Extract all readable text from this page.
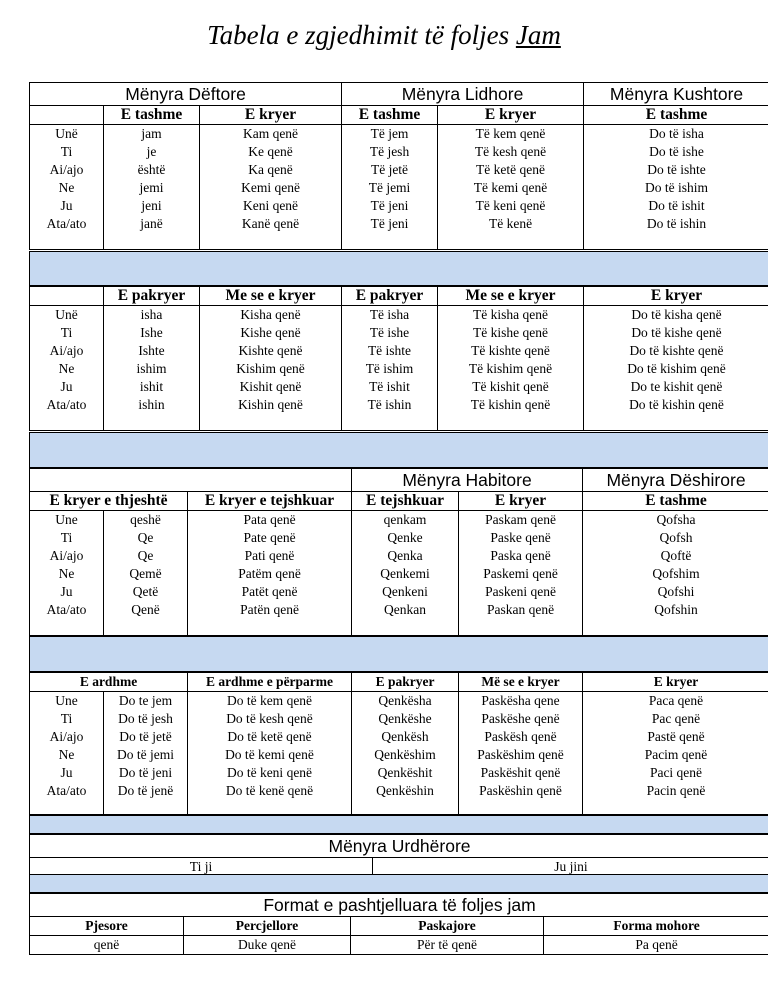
Tabela e zgjedhimit të foljes Jam
Mënyra Dëftore			Mënyra Lidhore		Mënyra Kushtore
	E tashme	E kryer	E tashme	E kryer	E tashme
Unë	jam	Kam qenë	Të jem	Të kem qenë	Do të isha
Ti	je	Ke qenë	Të jesh	Të kesh qenë	Do të ishe
Ai/ajo	është	Ka qenë	Të jetë	Të ketë qenë	Do të ishte
Ne	jemi	Kemi qenë	Të jemi	Të kemi qenë	Do të ishim
Ju	jeni	Keni qenë	Të jeni	Të keni qenë	Do të ishit
Ata/ato	janë	Kanë qenë	Të jeni	Të kenë	Do të ishin

	E pakryer	Me se e kryer	E pakryer	Me se e kryer	E kryer
Unë	isha	Kisha qenë	Të isha	Të kisha qenë	Do të kisha qenë
Ti	Ishe	Kishe qenë	Të ishe	Të kishe qenë	Do të kishe qenë
Ai/ajo	Ishte	Kishte qenë	Të ishte	Të kishte qenë	Do të kishte qenë
Ne	ishim	Kishim qenë	Të ishim	Të kishim qenë	Do të kishim qenë
Ju	ishit	Kishit qenë	Të ishit	Të kishit qenë	Do te kishit qenë
Ata/ato	ishin	Kishin qenë	Të ishin	Të kishin qenë	Do të kishin qenë

			Mënyra Habitore		Mënyra Dëshirore
E kryer e thjeshtë		E kryer e tejshkuar	E tejshkuar	E kryer	E tashme
Une	qeshë	Pata qenë	qenkam	Paskam qenë	Qofsha
Ti	Qe	Pate qenë	Qenke	Paske qenë	Qofsh
Ai/ajo	Qe	Pati qenë	Qenka	Paska qenë	Qoftë
Ne	Qemë	Patëm qenë	Qenkemi	Paskemi qenë	Qofshim
Ju	Qetë	Patët qenë	Qenkeni	Paskeni qenë	Qofshi
Ata/ato	Qenë	Patën qenë	Qenkan	Paskan qenë	Qofshin

E ardhme		E ardhme e përparme	E pakryer	Më se e kryer	E kryer
Une	Do te jem	Do të kem qenë	Qenkësha	Paskësha qene	Paca qenë
Ti	Do të jesh	Do të kesh qenë	Qenkëshe	Paskëshe qenë	Pac qenë
Ai/ajo	Do të jetë	Do të ketë qenë	Qenkësh	Paskësh qenë	Pastë qenë
Ne	Do të jemi	Do të kemi qenë	Qenkëshim	Paskëshim qenë	Pacim qenë
Ju	Do të jeni	Do të keni qenë	Qenkëshit	Paskëshit qenë	Paci qenë
Ata/ato	Do të jenë	Do të kenë qenë	Qenkëshin	Paskëshin qenë	Pacin qenë

Mënyra Urdhërore
Ti ji	Ju jini
Format e pashtjelluara të foljes jam			
Pjesore	Percjellore	Paskajore	Forma mohore
qenë	Duke qenë	Për të qenë	Pa qenë
